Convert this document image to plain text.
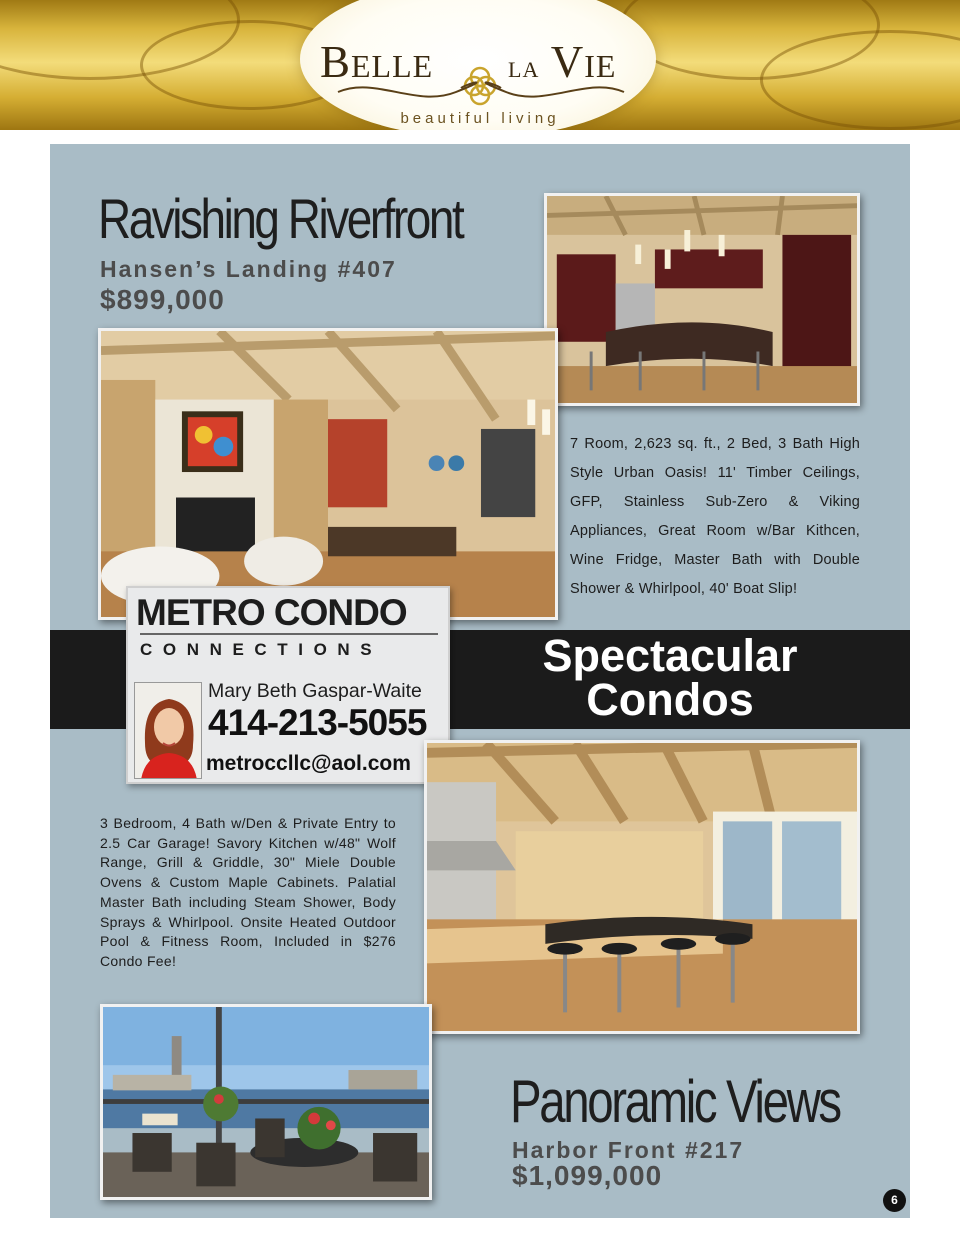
Belle la Vie
beautiful living
Ravishing Riverfront
Hansen’s Landing #407
$899,000
7 Room, 2,623 sq. ft., 2 Bed, 3 Bath High Style Urban Oasis! 11' Timber Ceilings, GFP, Stainless Sub-Zero & Viking Appliances, Great Room w/Bar Kithcen, Wine Fridge, Master Bath with Double Shower & Whirlpool, 40' Boat Slip!
Spectacular
Condos
METRO CONDO
CONNECTIONS
Mary Beth Gaspar-Waite
414-213-5055
metroccllc@aol.com
3 Bedroom, 4 Bath w/Den & Private Entry to 2.5 Car Garage! Savory Kitchen w/48" Wolf Range, Grill & Griddle, 30" Miele Double Ovens & Custom Maple Cabinets. Palatial Master Bath including Steam Shower, Body Sprays & Whirlpool. Onsite Heated Outdoor Pool & Fitness Room, Included in $276 Condo Fee!
Panoramic Views
Harbor Front #217
$1,099,000
6
